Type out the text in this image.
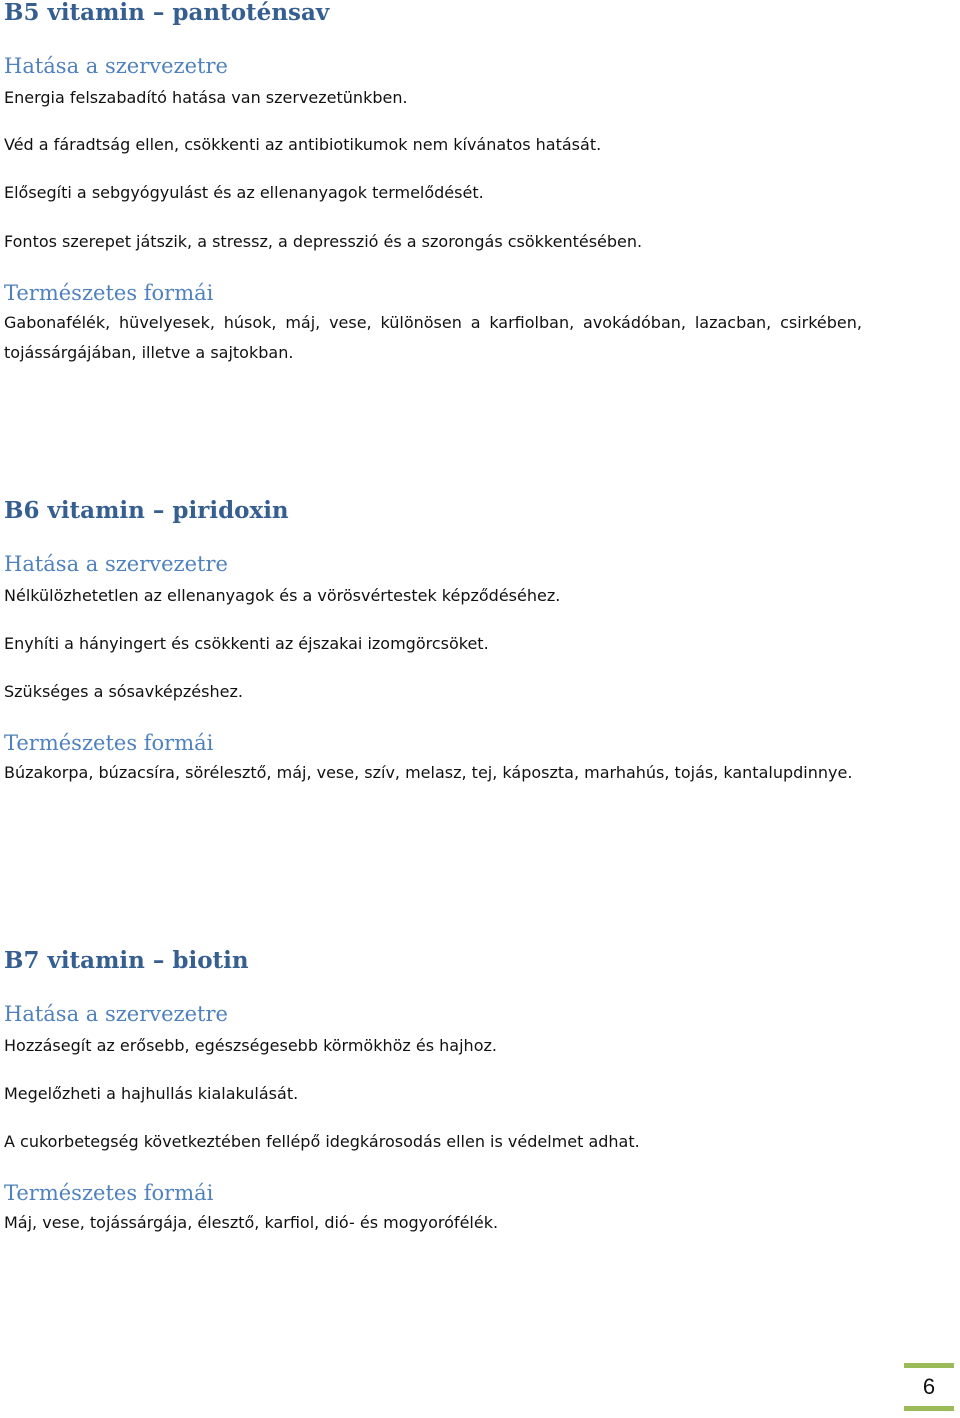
B5 vitamin – pantoténsav
Hatása a szervezetre

Energia felszabadító hatása van szervezetünkben.

Véd a fáradtság ellen, csökkenti az antibiotikumok nem kívánatos hatását.

Elősegíti a sebgyógyulást és az ellenanyagok termelődését.

Fontos szerepet játszik, a stressz, a depresszió és a szorongás csökkentésében.

Természetes formái

Gabonafélék, hüvelyesek, húsok, máj, vese, különösen a karfiolban, avokádóban, lazacban, csirkében, tojássárgájában, illetve a sajtokban.

B6 vitamin – piridoxin
Hatása a szervezetre

Nélkülözhetetlen az ellenanyagok és a vörösvértestek képződéséhez.

Enyhíti a hányingert és csökkenti az éjszakai izomgörcsöket.

Szükséges a sósavképzéshez.

Természetes formái

Búzakorpa, búzacsíra, sörélesztő, máj, vese, szív, melasz, tej, káposzta, marhahús, tojás, kantalupdinnye.

B7 vitamin – biotin
Hatása a szervezetre

Hozzásegít az erősebb, egészségesebb körmökhöz és hajhoz.

Megelőzheti a hajhullás kialakulását.

A cukorbetegség következtében fellépő idegkárosodás ellen is védelmet adhat.

Természetes formái

Máj, vese, tojássárgája, élesztő, karfiol, dió- és mogyorófélék.

6
